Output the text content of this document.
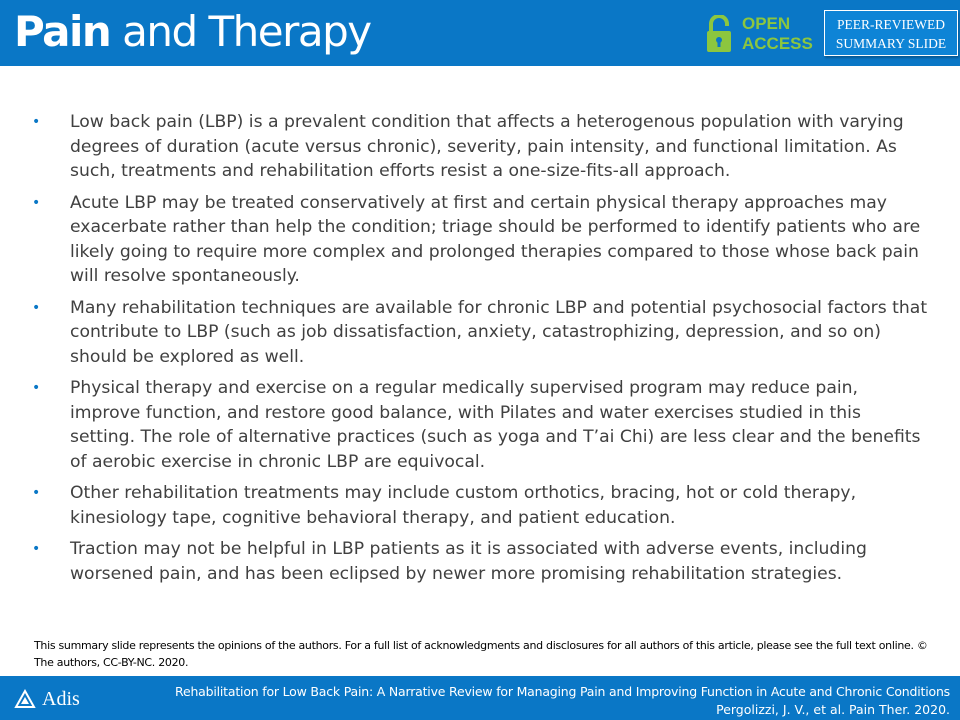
Pain and Therapy	OPEN
ACCESS
PEER-REVIEWED
SUMMARY SLIDE
• Low back pain (LBP) is a prevalent condition that affects a heterogenous population with varying degrees of duration (acute versus chronic), severity, pain intensity, and functional limitation. As such, treatments and rehabilitation efforts resist a one-size-fits-all approach.
• Acute LBP may be treated conservatively at first and certain physical therapy approaches may exacerbate rather than help the condition; triage should be performed to identify patients who are likely going to require more complex and prolonged therapies compared to those whose back pain will resolve spontaneously.
• Many rehabilitation techniques are available for chronic LBP and potential psychosocial factors that contribute to LBP (such as job dissatisfaction, anxiety, catastrophizing, depression, and so on) should be explored as well.
• Physical therapy and exercise on a regular medically supervised program may reduce pain, improve function, and restore good balance, with Pilates and water exercises studied in this setting. The role of alternative practices (such as yoga and T’ai Chi) are less clear and the benefits of aerobic exercise in chronic LBP are equivocal.
• Other rehabilitation treatments may include custom orthotics, bracing, hot or cold therapy, kinesiology tape, cognitive behavioral therapy, and patient education.
• Traction may not be helpful in LBP patients as it is associated with adverse events, including worsened pain, and has been eclipsed by newer more promising rehabilitation strategies.
This summary slide represents the opinions of the authors. For a full list of acknowledgments and disclosures for all authors of this article, please see the full text online. © The authors, CC-BY-NC. 2020.
Adis	Rehabilitation for Low Back Pain: A Narrative Review for Managing Pain and Improving Function in Acute and Chronic Conditions
Pergolizzi, J. V., et al. Pain Ther. 2020.
